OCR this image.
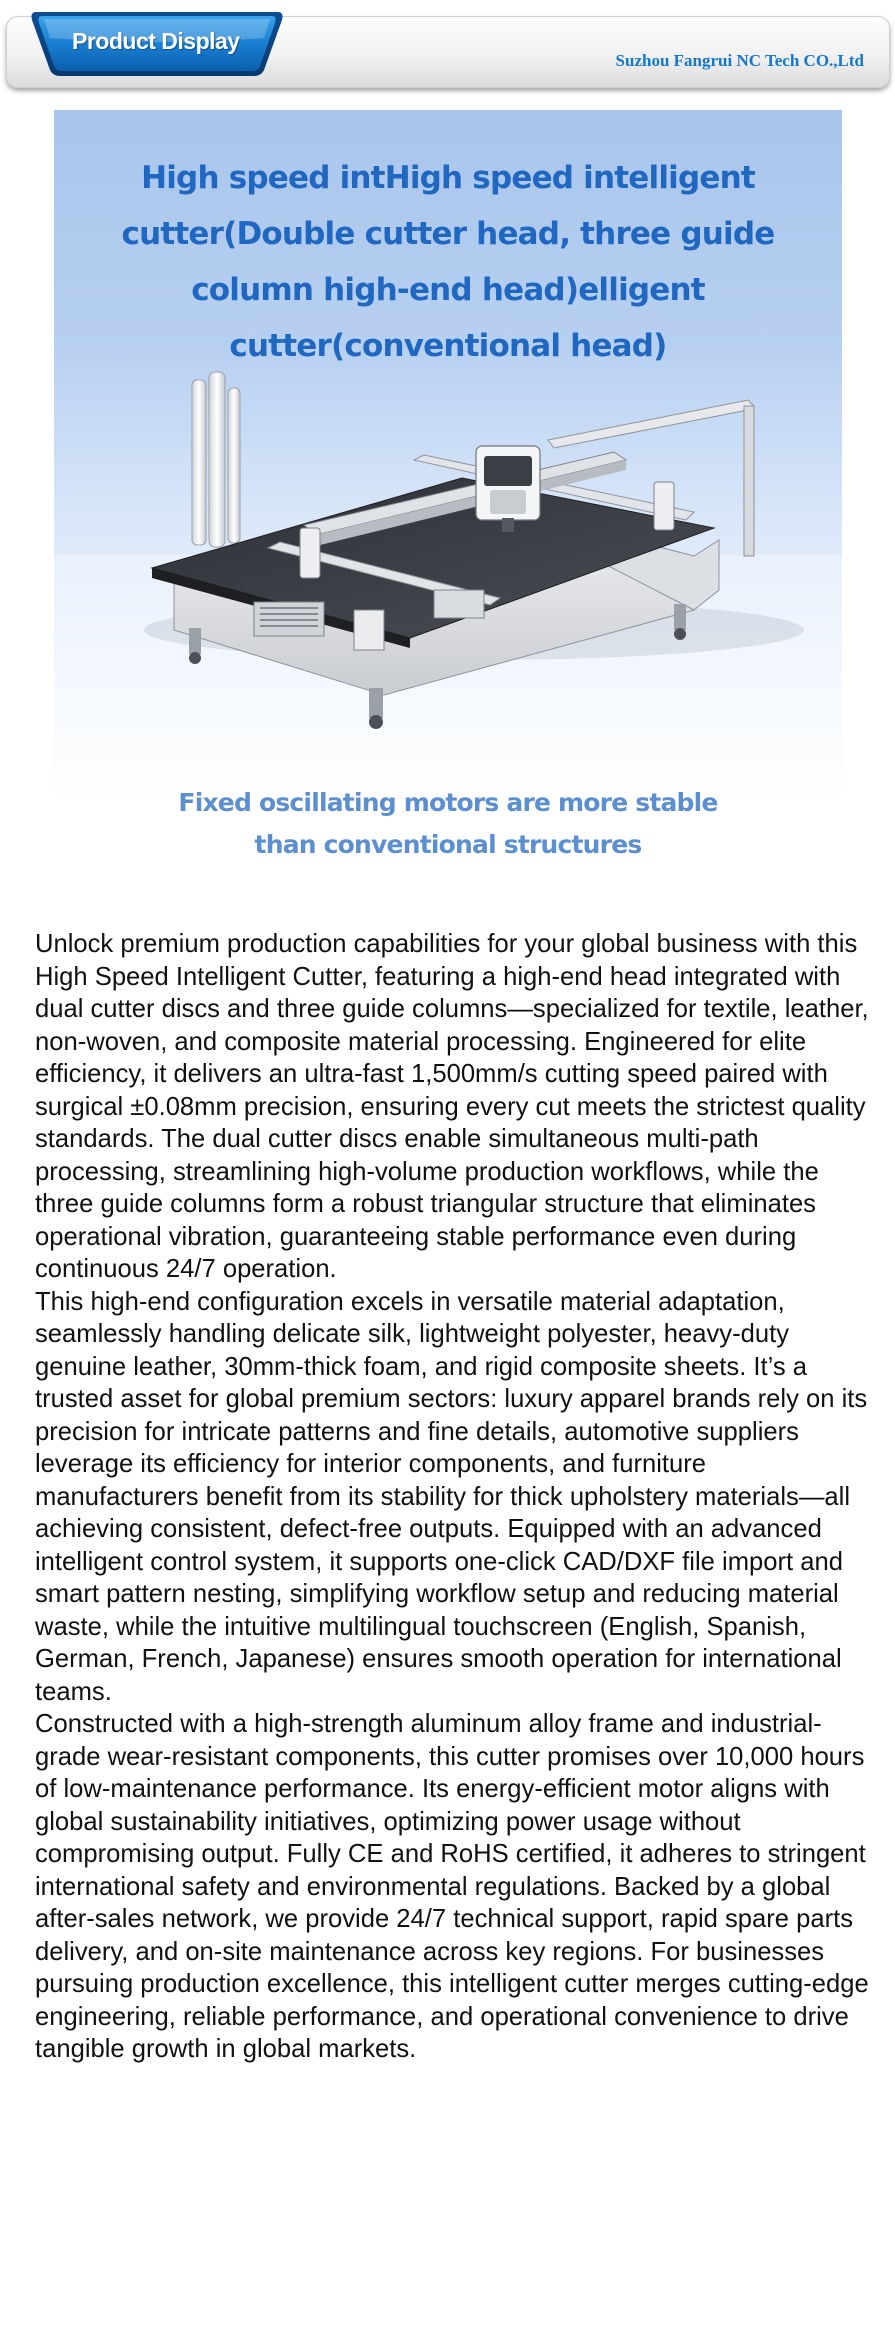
Product Display
Suzhou Fangrui NC Tech CO.,Ltd
High speed intHigh speed intelligent cutter(Double cutter head, three guide column high-end head)elligent cutter(conventional head)
Fixed oscillating motors are more stable than conventional structures

Unlock premium production capabilities for your global business with this High Speed Intelligent Cutter, featuring a high-end head integrated with dual cutter discs and three guide columns—specialized for textile, leather, non-woven, and composite material processing. Engineered for elite efficiency, it delivers an ultra-fast 1,500mm/s cutting speed paired with surgical ±0.08mm precision, ensuring every cut meets the strictest quality standards. The dual cutter discs enable simultaneous multi-path processing, streamlining high-volume production workflows, while the three guide columns form a robust triangular structure that eliminates operational vibration, guaranteeing stable performance even during continuous 24/7 operation.

This high-end configuration excels in versatile material adaptation, seamlessly handling delicate silk, lightweight polyester, heavy-duty genuine leather, 30mm-thick foam, and rigid composite sheets. It’s a trusted asset for global premium sectors: luxury apparel brands rely on its precision for intricate patterns and fine details, automotive suppliers leverage its efficiency for interior components, and furniture manufacturers benefit from its stability for thick upholstery materials—all achieving consistent, defect-free outputs. Equipped with an advanced intelligent control system, it supports one-click CAD/DXF file import and smart pattern nesting, simplifying workflow setup and reducing material waste, while the intuitive multilingual touchscreen (English, Spanish, German, French, Japanese) ensures smooth operation for international teams.

Constructed with a high-strength aluminum alloy frame and industrial-grade wear-resistant components, this cutter promises over 10,000 hours of low-maintenance performance. Its energy-efficient motor aligns with global sustainability initiatives, optimizing power usage without compromising output. Fully CE and RoHS certified, it adheres to stringent international safety and environmental regulations. Backed by a global after-sales network, we provide 24/7 technical support, rapid spare parts delivery, and on-site maintenance across key regions. For businesses pursuing production excellence, this intelligent cutter merges cutting-edge engineering, reliable performance, and operational convenience to drive tangible growth in global markets.
